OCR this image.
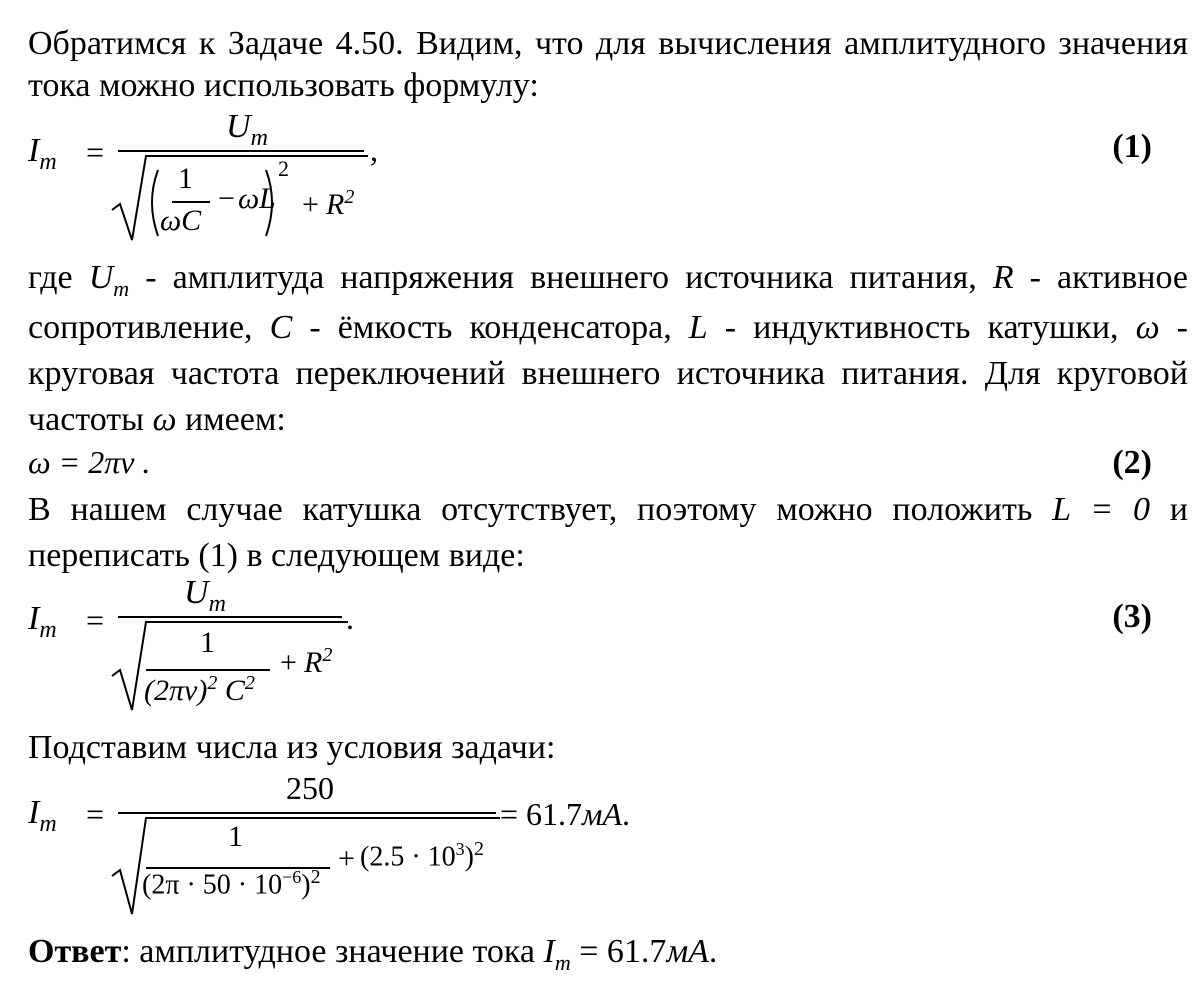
Обратимся к Задаче 4.50. Видим, что для вычисления амплитудного значения

тока можно использовать формулу:

$I_m$ =
$U_m$
1
ωC
− ωL
2
+ $R^2$
,	(1)

где $U_m$ - амплитуда напряжения внешнего источника питания, R - активное

сопротивление, C - ёмкость конденсатора, L - индуктивность катушки, ω -

круговая частота переключений внешнего источника питания. Для круговой

частоты ω имеем:

ω = 2πν .	(2)

В нашем случае катушка отсутствует, поэтому можно положить L = 0 и

переписать (1) в следующем виде:

$I_m$ =
$U_m$
1
$(2\pi\nu)^2$ $C^2$
+ $R^2$
.	(3)

Подставим числа из условия задачи:

$I_m$ =
250
1
$(2\pi \cdot 50 \cdot 10^{-6})^2$
+ $(2.5 \cdot 10^3)^2$
= 61.7мА.

Ответ: амплитудное значение тока $I_m = 61.7мА$.
